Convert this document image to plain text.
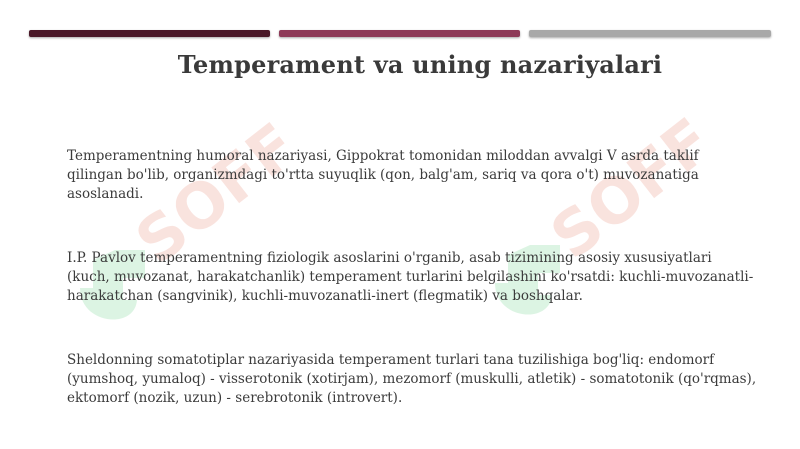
SOFF	SOFF
Temperament va uning nazariyalari

Temperamentning humoral nazariyasi, Gippokrat tomonidan miloddan avvalgi V asrda taklif qilingan bo'lib, organizmdagi to'rtta suyuqlik (qon, balg'am, sariq va qora o't) muvozanatiga asoslanadi.

I.P. Pavlov temperamentning fiziologik asoslarini o'rganib, asab tizimining asosiy xususiyatlari (kuch, muvozanat, harakatchanlik) temperament turlarini belgilashini ko'rsatdi: kuchli-muvozanatli-harakatchan (sangvinik), kuchli-muvozanatli-inert (flegmatik) va boshqalar.

Sheldonning somatotiplar nazariyasida temperament turlari tana tuzilishiga bog'liq: endomorf (yumshoq, yumaloq) - visserotonik (xotirjam), mezomorf (muskulli, atletik) - somatotonik (qo'rqmas), ektomorf (nozik, uzun) - serebrotonik (introvert).
